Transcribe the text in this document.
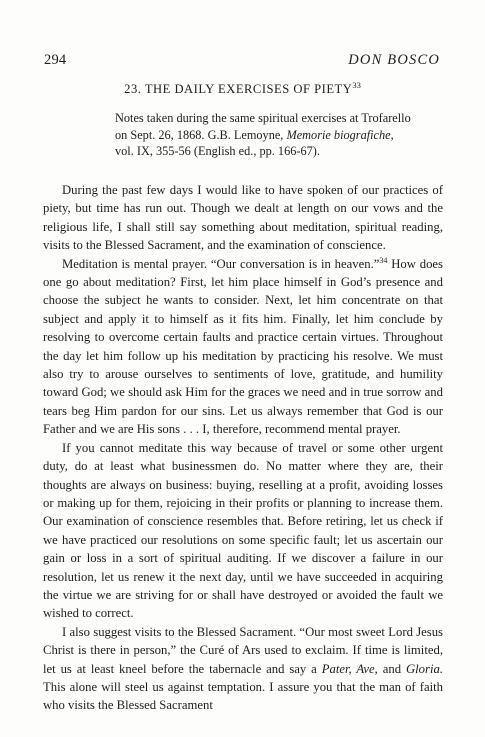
294	DON BOSCO
23. THE DAILY EXERCISES OF PIETY$^{33}$
Notes taken during the same spiritual exercises at Trofarello
on Sept. 26, 1868. G.B. Lemoyne, Memorie biografiche,
vol. IX, 355-56 (English ed., pp. 166-67).

During the past few days I would like to have spoken of our practices of piety, but time has run out. Though we dealt at length on our vows and the religious life, I shall still say something about meditation, spiritual reading, visits to the Blessed Sacrament, and the examination of conscience.

Meditation is mental prayer. “Our conversation is in heaven.”$^{34}$ How does one go about meditation? First, let him place himself in God’s presence and choose the subject he wants to consider. Next, let him concentrate on that subject and apply it to himself as it fits him. Finally, let him conclude by resolving to overcome certain faults and practice certain virtues. Throughout the day let him follow up his meditation by practicing his resolve. We must also try to arouse ourselves to sentiments of love, gratitude, and humility toward God; we should ask Him for the graces we need and in true sorrow and tears beg Him pardon for our sins. Let us always remember that God is our Father and we are His sons . . . I, therefore, recommend mental prayer.

If you cannot meditate this way because of travel or some other urgent duty, do at least what businessmen do. No matter where they are, their thoughts are always on business: buying, reselling at a profit, avoiding losses or making up for them, rejoicing in their profits or planning to increase them. Our examination of conscience resembles that. Before retiring, let us check if we have practiced our resolutions on some specific fault; let us ascertain our gain or loss in a sort of spiritual auditing. If we discover a failure in our resolution, let us renew it the next day, until we have succeeded in acquiring the virtue we are striving for or shall have destroyed or avoided the fault we wished to correct.

I also suggest visits to the Blessed Sacrament. “Our most sweet Lord Jesus Christ is there in person,” the Curé of Ars used to exclaim. If time is limited, let us at least kneel before the tabernacle and say a Pater, Ave, and Gloria. This alone will steel us against temptation. I assure you that the man of faith who visits the Blessed Sacrament
